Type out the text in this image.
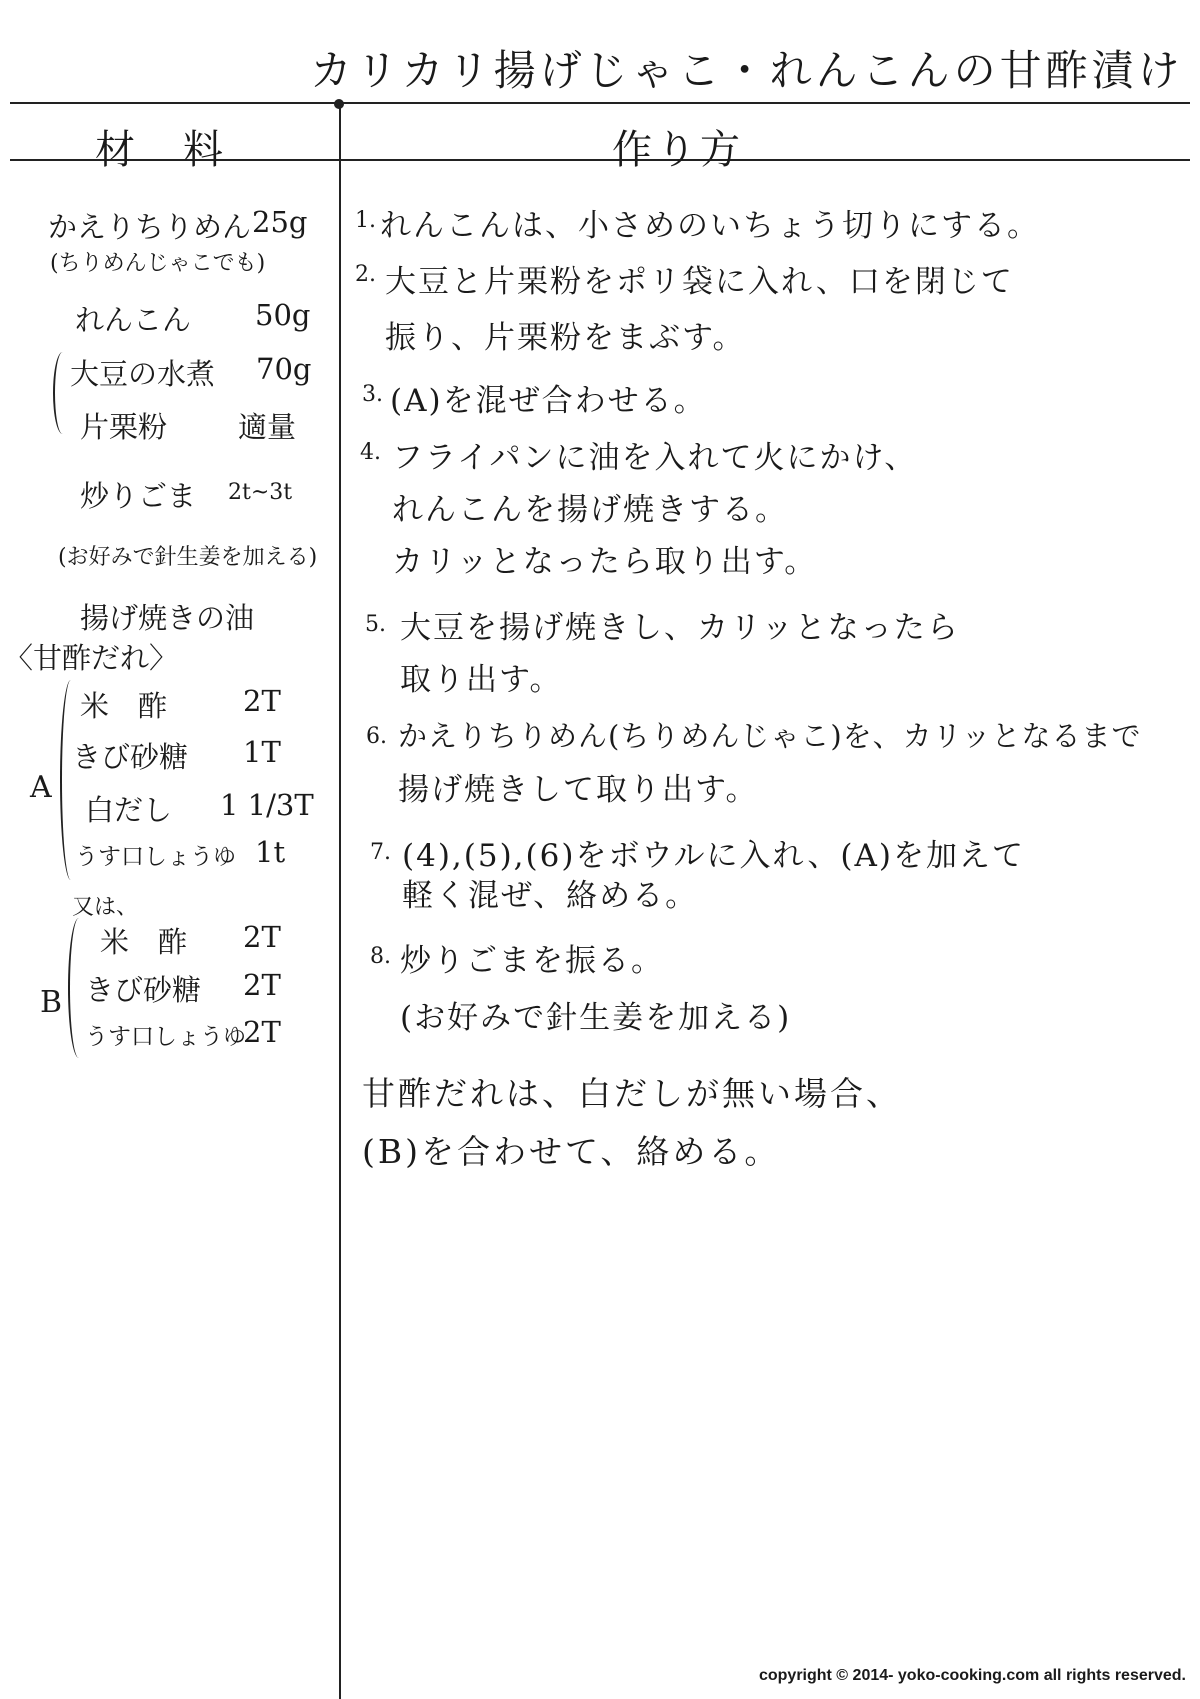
カリカリ揚げじゃこ・れんこんの甘酢漬け
材　料	作り方
かえりちりめん 25g
(ちりめんじゃこでも)
れんこん 50g
大豆の水煮 70g
片栗粉 適量
炒りごま 2t~3t
(お好みで針生姜を加える)
揚げ焼きの油
〈甘酢だれ〉
A
米　酢	2T
きび砂糖 1T
白だし 1 1/3T
うす口しょうゆ 1t
又は、
B
米　酢 2T
きび砂糖 2T
うす口しょうゆ
2T
1. れんこんは、小さめのいちょう切りにする。
2. 大豆と片栗粉をポリ袋に入れ、口を閉じて
振り、片栗粉をまぶす。
3. (A)を混ぜ合わせる。
4. フライパンに油を入れて火にかけ、
れんこんを揚げ焼きする。
カリッとなったら取り出す。
5. 大豆を揚げ焼きし、カリッとなったら
取り出す。
6. かえりちりめん(ちりめんじゃこ)を、カリッとなるまで
揚げ焼きして取り出す。
7. (4),(5),(6)をボウルに入れ、(A)を加えて
軽く混ぜ、絡める。
8. 炒りごまを振る。
(お好みで針生姜を加える)
甘酢だれは、白だしが無い場合、
(B)を合わせて、絡める。
copyright © 2014- yoko-cooking.com all rights reserved.
